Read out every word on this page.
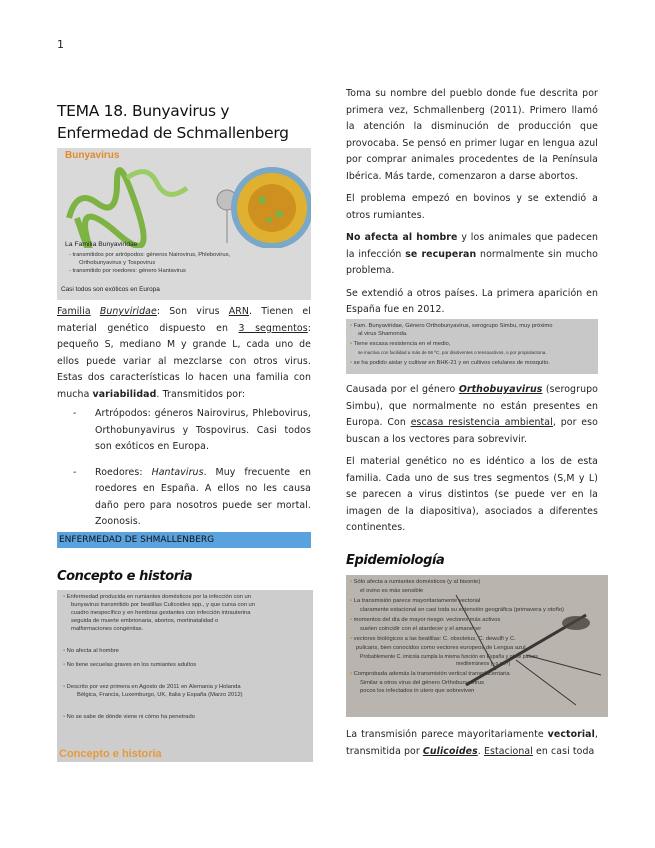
1
TEMA 18. Bunyavirus y Enfermedad de Schmallenberg
Bunyavirus
La Familia Bunyaviridae
- transmitidos por artrópodos: géneros Nairovirus, Phlebovirus,
Orthobunyavirus y Tospovirus
- transmitido por roedores: género Hantavirus
Casi todos son exóticos en Europa

Familia Bunyviridae: Son virus ARN. Tienen el material genético dispuesto en 3 segmentos: pequeño S, mediano M y grande L, cada uno de ellos puede variar al mezclarse con otros virus. Estas dos características lo hacen una familia con mucha variabilidad. Transmitidos por:

- Artrópodos: géneros Nairovirus, Phlebovirus, Orthobunyavirus y Tospovirus. Casi todos son exóticos en Europa.
- Roedores: Hantavirus. Muy frecuente en roedores en España. A ellos no les causa daño pero para nosotros puede ser mortal. Zoonosis.
ENFERMEDAD DE SHMALLENBERG
Concepto e historia
▪ Enfermedad producida en rumiantes domésticos por la infección con un
bunyavirus transmitido por beatillas Culicoides spp., y que cursa con un
cuadro inespecífico y en hembras gestantes con infección intrauterina
seguida de muerte embrionaria, abortos, mortinatalidad o
malformaciones congénitas.
▪ No afecta al hombre
▪ No tiene secuelas graves en los rumiantes adultos
▪ Descrito por vez primera en Agosto de 2011 en Alemania y Holanda
Bélgica, Francia, Luxemburgo, UK, Italia y España (Marzo 2012)
▪ No se sabe de dónde viene ni cómo ha penetrado
Concepto e historia

Toma su nombre del pueblo donde fue descrita por primera vez, Schmallenberg (2011). Primero llamó la atención la disminución de producción que provocaba. Se pensó en primer lugar en lengua azul por comprar animales procedentes de la Península Ibérica. Más tarde, comenzaron a darse abortos.

El problema empezó en bovinos y se extendió a otros rumiantes.

No afecta al hombre y los animales que padecen la infección se recuperan normalmente sin mucho problema.

Se extendió a otros países. La primera aparición en España fue en 2012.

▪ Fam. Bunyaviridae, Género Orthobunyavirus, serogrupo Simbu, muy próximo
al virus Shamonda.
▪ Tiene escasa resistencia en el medio,
se inactiva con facilidad a más de 56 ºC, por disolventes o tensoactivos, o por propiolactona.
▪ se ha podido aislar y cultivar en BHK-21 y en cultivos celulares de mosquito.

Causada por el género Orthobuyavirus (serogrupo Simbu), que normalmente no están presentes en Europa. Con escasa resistencia ambiental, por eso buscan a los vectores para sobrevivir.

El material genético no es idéntico a los de esta familia. Cada uno de sus tres segmentos (S,M y L) se parecen a virus distintos (se puede ver en la imagen de la diapositiva), asociados a diferentes continentes.

Epidemiología
▪ Sólo afecta a rumiantes domésticos (y al bisonte)
el ovino es más sensible
▪ La transmisión parece mayoritariamente vectorial
claramente estacional en casi toda su extensión geográfica (primavera y otoño)
▪ momentos del día de mayor riesgo: vectores más activos
suelen coincidir con el atardecer y el amanecer
▪ vectores biológicos a las beatillas: C. obsoletus, C. dewulfi y C.
pulicaris, bien conocidos como vectores europeos de Lengua azul.
Probablemente C. imicola cumpla la misma función en España y otros países
mediterráneos (¿o no?)
▪ Comprobada además la transmisión vertical transplacentaria
Similar a otros virus del género Orthobunyavirus
pocos los infectados in utero que sobreviven

La transmisión parece mayoritariamente vectorial, transmitida por Culicoides. Estacional en casi toda
